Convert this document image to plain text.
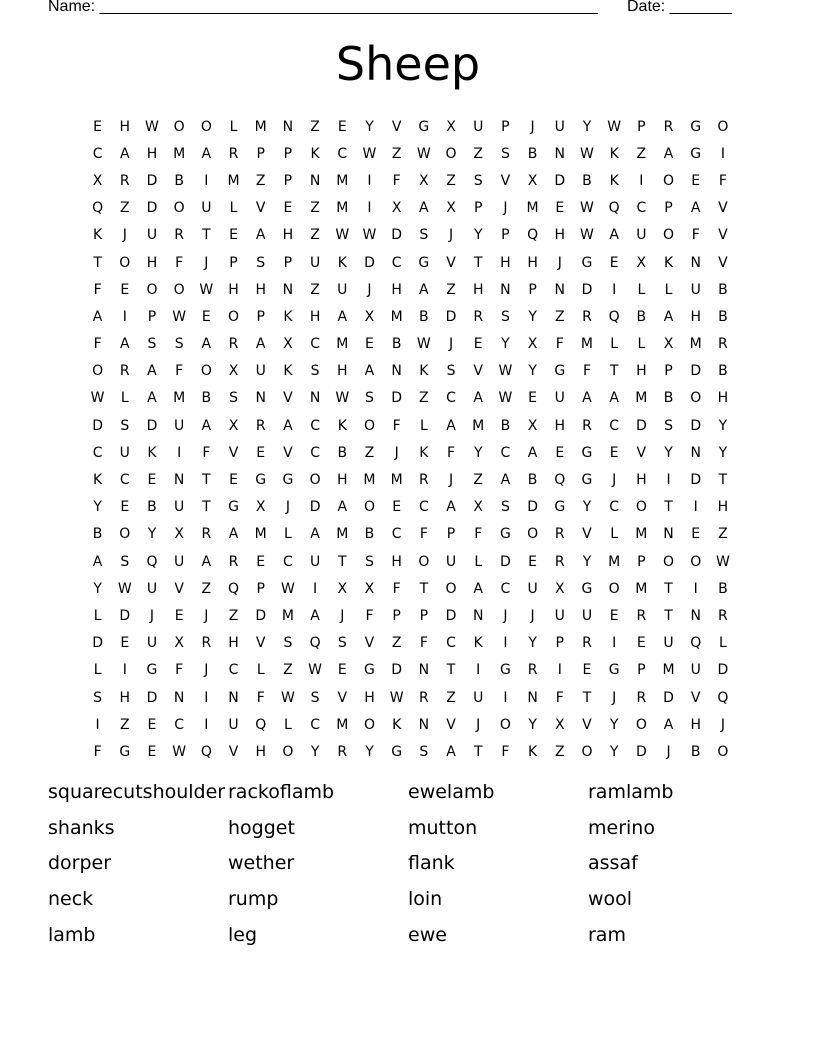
Name: ________________________________________________________ Date: _______
Sheep
E	H	W	O	O	L	M	N	Z	E	Y	V	G	X	U	P	J	U	Y	W	P	R	G	O
C	A	H	M	A	R	P	P	K	C	W	Z	W	O	Z	S	B	N	W	K	Z	A	G	I
X	R	D	B	I	M	Z	P	N	M	I	F	X	Z	S	V	X	D	B	K	I	O	E	F
Q	Z	D	O	U	L	V	E	Z	M	I	X	A	X	P	J	M	E	W	Q	C	P	A	V
K	J	U	R	T	E	A	H	Z	W W	D	S	J	Y	P	Q	H	W	A	U	O	F	V
T	O	H	F	J	P	S	P	U	K	D	C	G	V	T	H	H	J	G	E	X	K	N	V
F	E	O	O	W	H	H	N	Z	U	J	H	A	Z	H	N	P	N	D	I	L	L	U	B
A	I	P	W	E	O	P	K	H	A	X	M	B	D	R	S	Y	Z	R	Q	B	A	H	B
F	A	S	S	A	R	A	X	C	M	E	B	W	J	E	Y	X	F	M	L	L	X	M	R
O	R	A	F	O	X	U	K	S	H	A	N	K	S	V	W	Y	G	F	T	H	P	D	B
W	L	A	M	B	S	N	V	N	W	S	D	Z	C	A	W	E	U	A	A	M	B	O	H
D	S	D	U	A	X	R	A	C	K	O	F	L	A	M	B	X	H	R	C	D	S	D	Y
C	U	K	I	F	V	E	V	C	B	Z	J	K	F	Y	C	A	E	G	E	V	Y	N	Y
K	C	E	N	T	E	G	G	O	H	M	M	R	J	Z	A	B	Q	G	J	H	I	D	T
Y	E	B	U	T	G	X	J	D	A	O	E	C	A	X	S	D	G	Y	C	O	T	I	H
B	O	Y	X	R	A	M	L	A	M	B	C	F	P	F	G	O	R	V	L	M	N	E	Z
A	S	Q	U	A	R	E	C	U	T	S	H	O	U	L	D	E	R	Y	M	P	O	O	W
Y	W	U	V	Z	Q	P	W	I	X	X	F	T	O	A	C	U	X	G	O	M	T	I	B
L	D	J	E	J	Z	D	M	A	J	F	P	P	D	N	J	J	U	U	E	R	T	N	R
D	E	U	X	R	H	V	S	Q	S	V	Z	F	C	K	I	Y	P	R	I	E	U	Q	L
L	I	G	F	J	C	L	Z	W	E	G	D	N	T	I	G	R	I	E	G	P	M	U	D
S	H	D	N	I	N	F	W	S	V	H	W	R	Z	U	I	N	F	T	J	R	D	V	Q
I	Z	E	C	I	U	Q	L	C	M	O	K	N	V	J	O	Y	X	V	Y	O	A	H	J
F	G	E	W	Q	V	H	O	Y	R	Y	G	S	A	T	F	K	Z	O	Y	D	J	B	O
squarecutshoulder rackoflamb	ewelamb	ramlamb
shanks	hogget	mutton	merino
dorper	wether	flank	assaf
neck	rump	loin	wool
lamb	leg	ewe	ram
